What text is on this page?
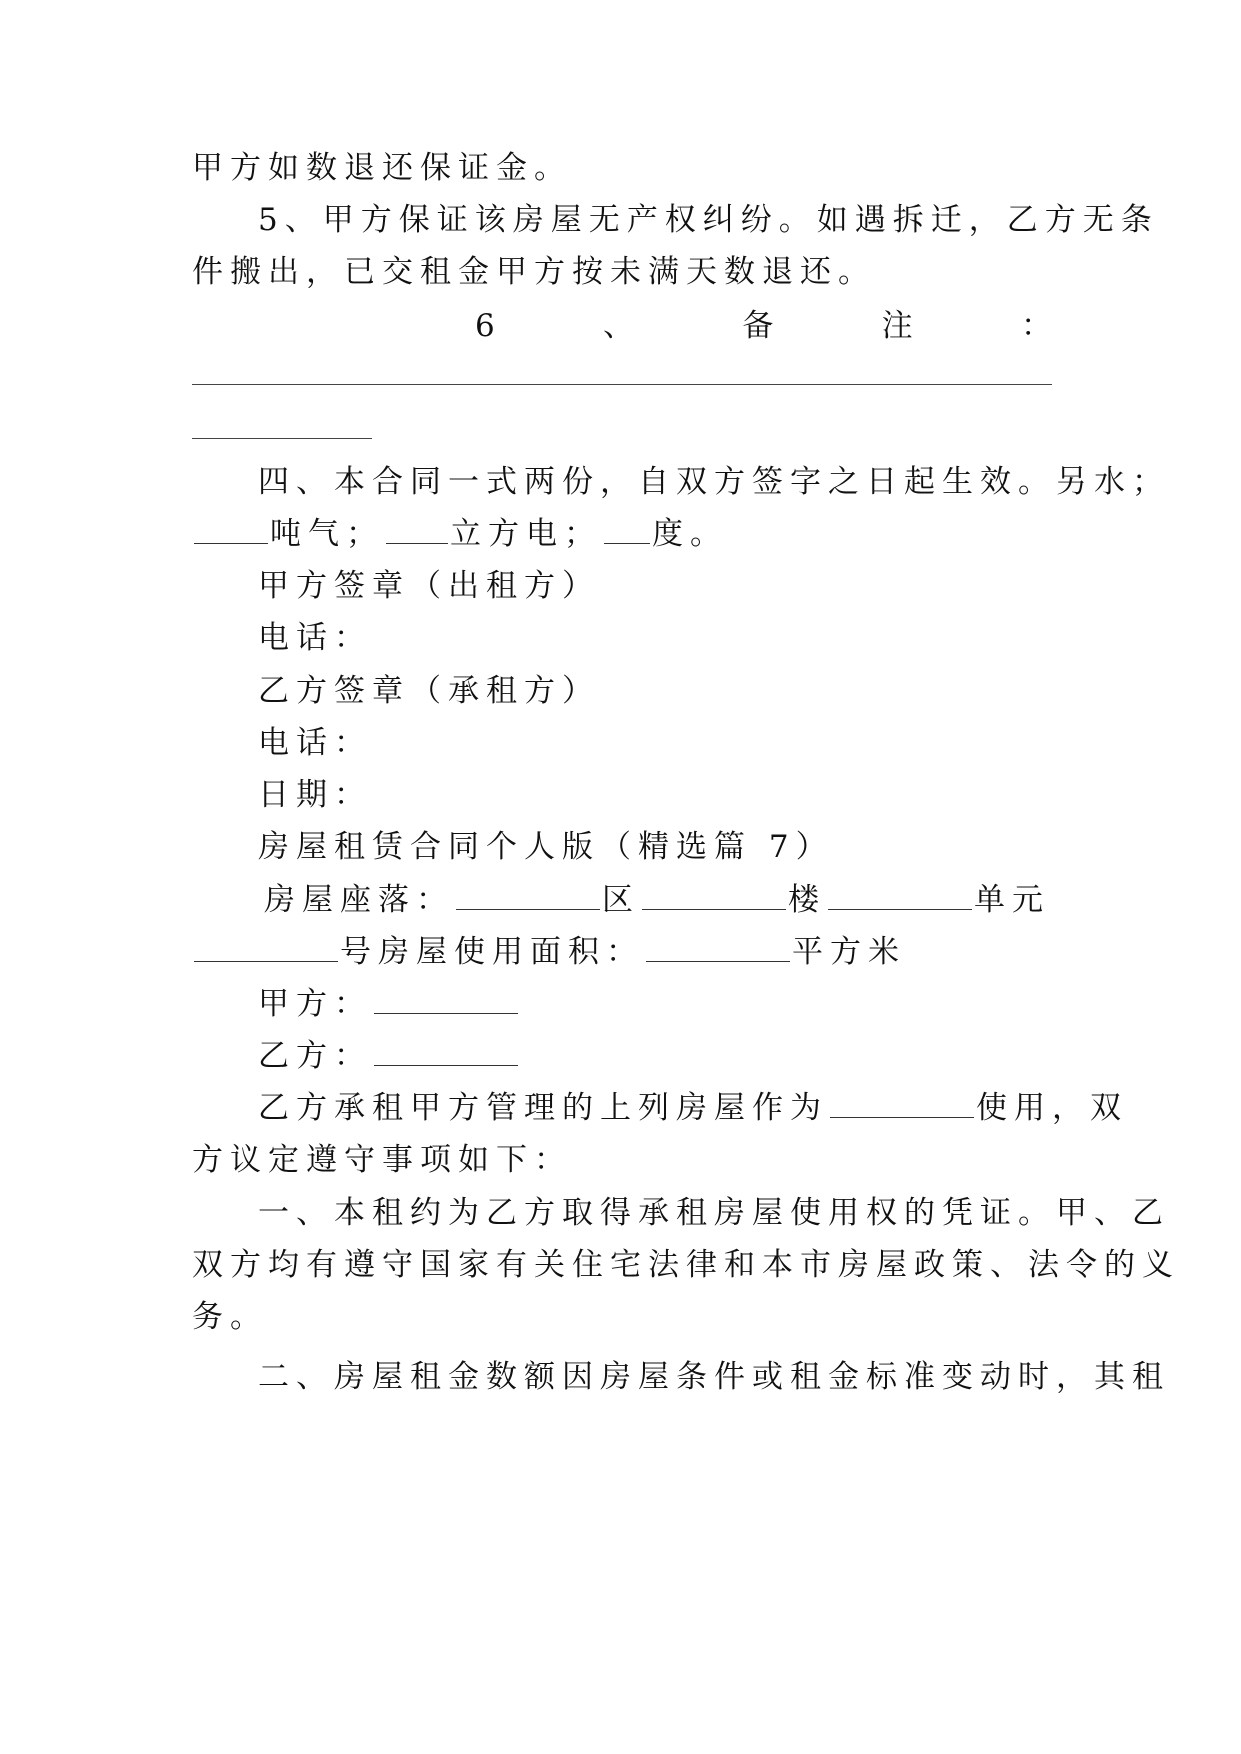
甲方如数退还保证金。
5、甲方保证该房屋无产权纠纷。如遇拆迁，乙方无条
件搬出，已交租金甲方按未满天数退还。
6	、	备	注	：
四、本合同一式两份，自双方签字之日起生效。另水；
吨气； 立方电； 度。
甲方签章（出租方）
电话：
乙方签章（承租方）
电话：
日期：
房屋租赁合同个人版（精选篇 7）
房屋座落：	区	楼	单元
号房屋使用面积：	平方米
甲方：
乙方：
乙方承租甲方管理的上列房屋作为	使用，双
方议定遵守事项如下：
一、本租约为乙方取得承租房屋使用权的凭证。甲、乙
双方均有遵守国家有关住宅法律和本市房屋政策、法令的义
务。
二、房屋租金数额因房屋条件或租金标准变动时，其租
